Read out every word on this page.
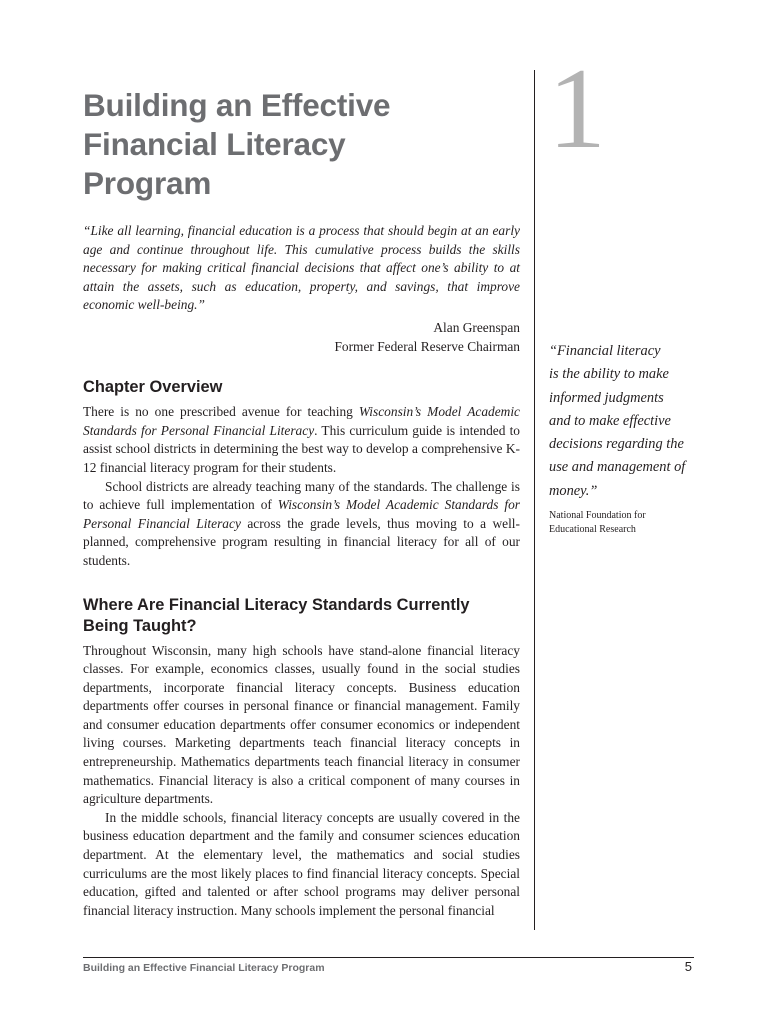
1
Building an Effective
Financial Literacy
Program

“Like all learning, financial education is a process that should begin at an early age and continue throughout life. This cumulative process builds the skills necessary for making critical financial decisions that affect one’s ability to at attain the assets, such as education, property, and savings, that improve economic well-being.”

Alan Greenspan
Former Federal Reserve Chairman
Chapter Overview

There is no one prescribed avenue for teaching Wisconsin’s Model Academic Standards for Personal Financial Literacy. This curriculum guide is intended to assist school districts in determining the best way to develop a comprehensive K-12 financial literacy program for their students.

School districts are already teaching many of the standards. The challenge is to achieve full implementation of Wisconsin’s Model Academic Standards for Personal Financial Literacy across the grade levels, thus moving to a well-planned, comprehensive program resulting in financial literacy for all of our students.

Where Are Financial Literacy Standards Currently
Being Taught?

Throughout Wisconsin, many high schools have stand-alone financial literacy classes. For example, economics classes, usually found in the social studies departments, incorporate financial literacy concepts. Business education departments offer courses in personal finance or financial management. Family and consumer education departments offer consumer economics or independent living courses. Marketing departments teach financial literacy concepts in entrepreneurship. Mathematics departments teach financial literacy in consumer mathematics. Financial literacy is also a critical component of many courses in agriculture departments.

In the middle schools, financial literacy concepts are usually covered in the business education department and the family and consumer sciences education department. At the elementary level, the mathematics and social studies curriculums are the most likely places to find financial literacy concepts. Special education, gifted and talented or after school programs may deliver personal financial literacy instruction. Many schools implement the personal financial

“Financial literacy
is the ability to make
informed judgments
and to make effective
decisions regarding the
use and management of
money.”

National Foundation for
Educational Research
Building an Effective Financial Literacy Program	5
